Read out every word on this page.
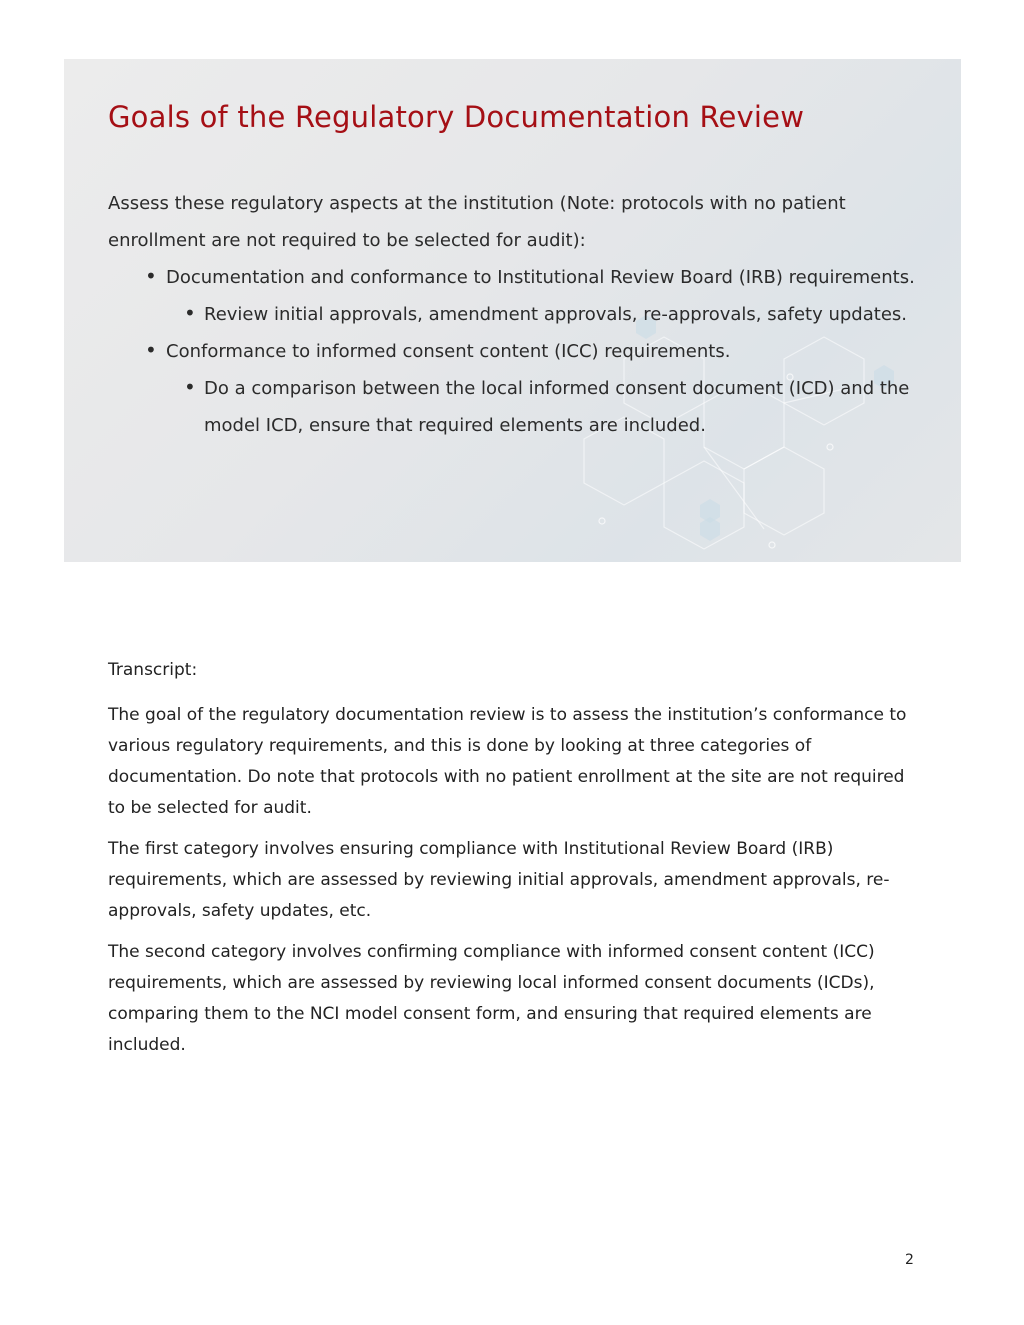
Goals of the Regulatory Documentation Review

Assess these regulatory aspects at the institution (Note: protocols with no patient enrollment are not required to be selected for audit):

• Documentation and conformance to Institutional Review Board (IRB) requirements.
• Review initial approvals, amendment approvals, re-approvals, safety updates.
• Conformance to informed consent content (ICC) requirements.
• Do a comparison between the local informed consent document (ICD) and the model ICD, ensure that required elements are included.

Transcript:

The goal of the regulatory documentation review is to assess the institution’s conformance to various regulatory requirements, and this is done by looking at three categories of documentation. Do note that protocols with no patient enrollment at the site are not required to be selected for audit.

The first category involves ensuring compliance with Institutional Review Board (IRB) requirements, which are assessed by reviewing initial approvals, amendment approvals, re-approvals, safety updates, etc.

The second category involves confirming compliance with informed consent content (ICC) requirements, which are assessed by reviewing local informed consent documents (ICDs), comparing them to the NCI model consent form, and ensuring that required elements are included.

2
